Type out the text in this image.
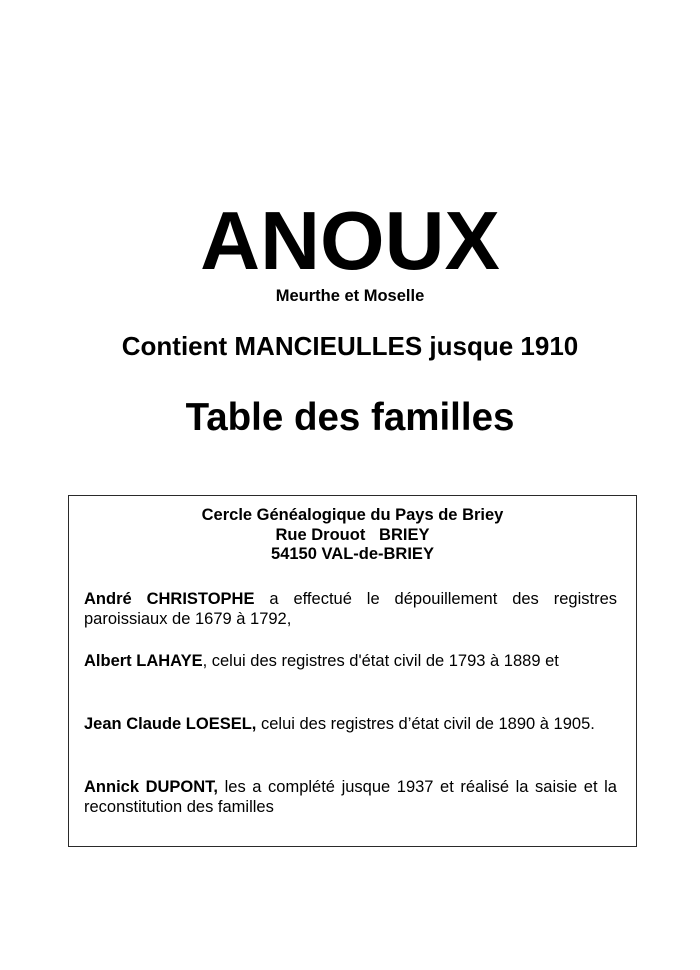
ANOUX
Meurthe et Moselle
Contient MANCIEULLES jusque 1910
Table des familles
Cercle Généalogique du Pays de Briey
Rue Drouot   BRIEY
54150 VAL-de-BRIEY
André CHRISTOPHE a effectué le dépouillement des registres paroissiaux de 1679 à 1792,
Albert LAHAYE, celui des registres d'état civil de 1793 à 1889 et
Jean Claude LOESEL, celui des registres d’état civil de 1890 à 1905.
Annick DUPONT, les a complété jusque 1937 et réalisé la saisie et la reconstitution des familles
